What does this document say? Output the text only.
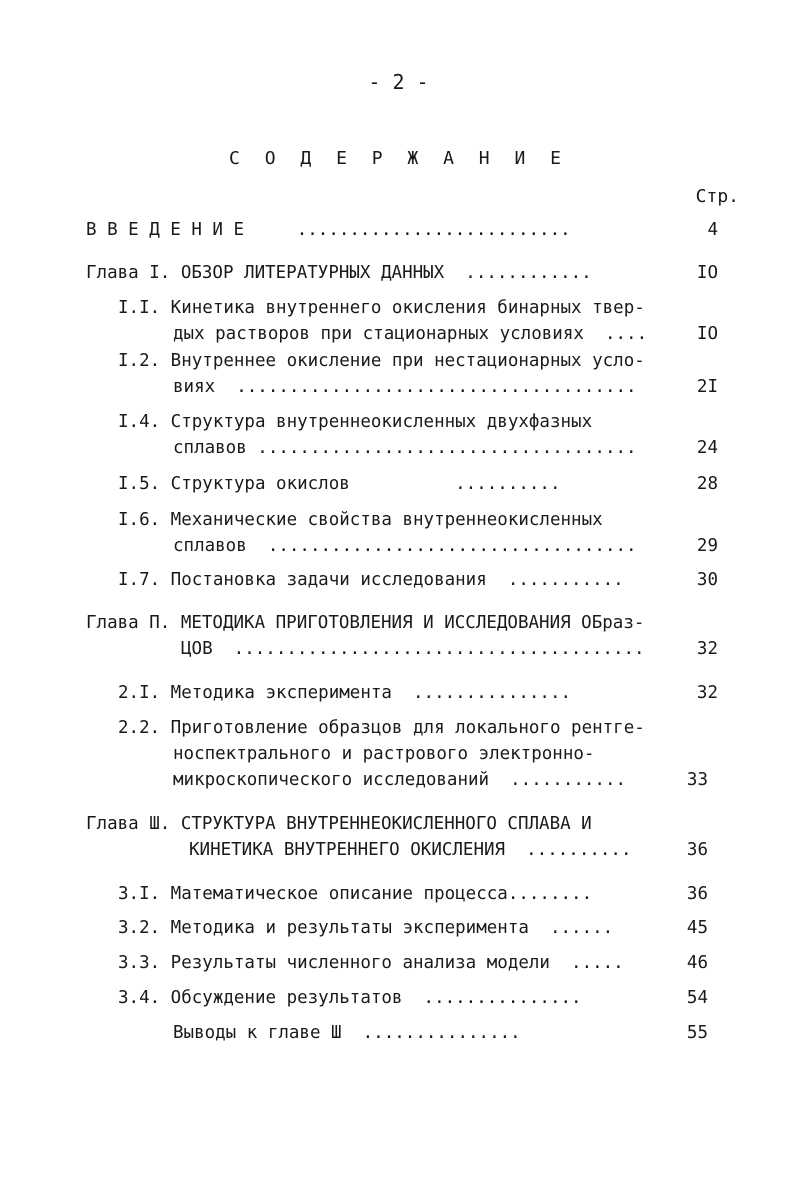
- 2 -
С О Д Е Р Ж А Н И Е
Стр.
В В Е Д Е Н И Е     ..........................	4
Глава I. ОБЗОР ЛИТЕРАТУРНЫХ ДАННЫХ  ............	IO
I.I. Кинетика внутреннего окисления бинарных твер-
дых растворов при стационарных условиях  ....	IO
I.2. Внутреннее окисление при нестационарных усло-
виях  ......................................	2I
I.4. Структура внутреннеокисленных двухфазных
сплавов ....................................	24
I.5. Структура окислов          ..........	28
I.6. Механические свойства внутреннеокисленных
сплавов  ...................................	29
I.7. Постановка задачи исследования  ...........	30
Глава П. МЕТОДИКА ПРИГОТОВЛЕНИЯ И ИССЛЕДОВАНИЯ ОБраз-
ЦОВ  .......................................	32
2.I. Методика эксперимента  ...............	32
2.2. Приготовление образцов для локального рентге-
носпектрального и растрового электронно-
микроскопического исследований  ...........	33
Глава Ш. СТРУКТУРА ВНУТРЕННЕОКИСЛЕННОГО СПЛАВА И
КИНЕТИКА ВНУТРЕННЕГО ОКИСЛЕНИЯ  ..........	36
3.I. Математическое описание процесса........	36
3.2. Методика и результаты эксперимента  ......	45
3.3. Результаты численного анализа модели  .....	46
3.4. Обсуждение результатов  ...............	54
Выводы к главе Ш  ...............	55
